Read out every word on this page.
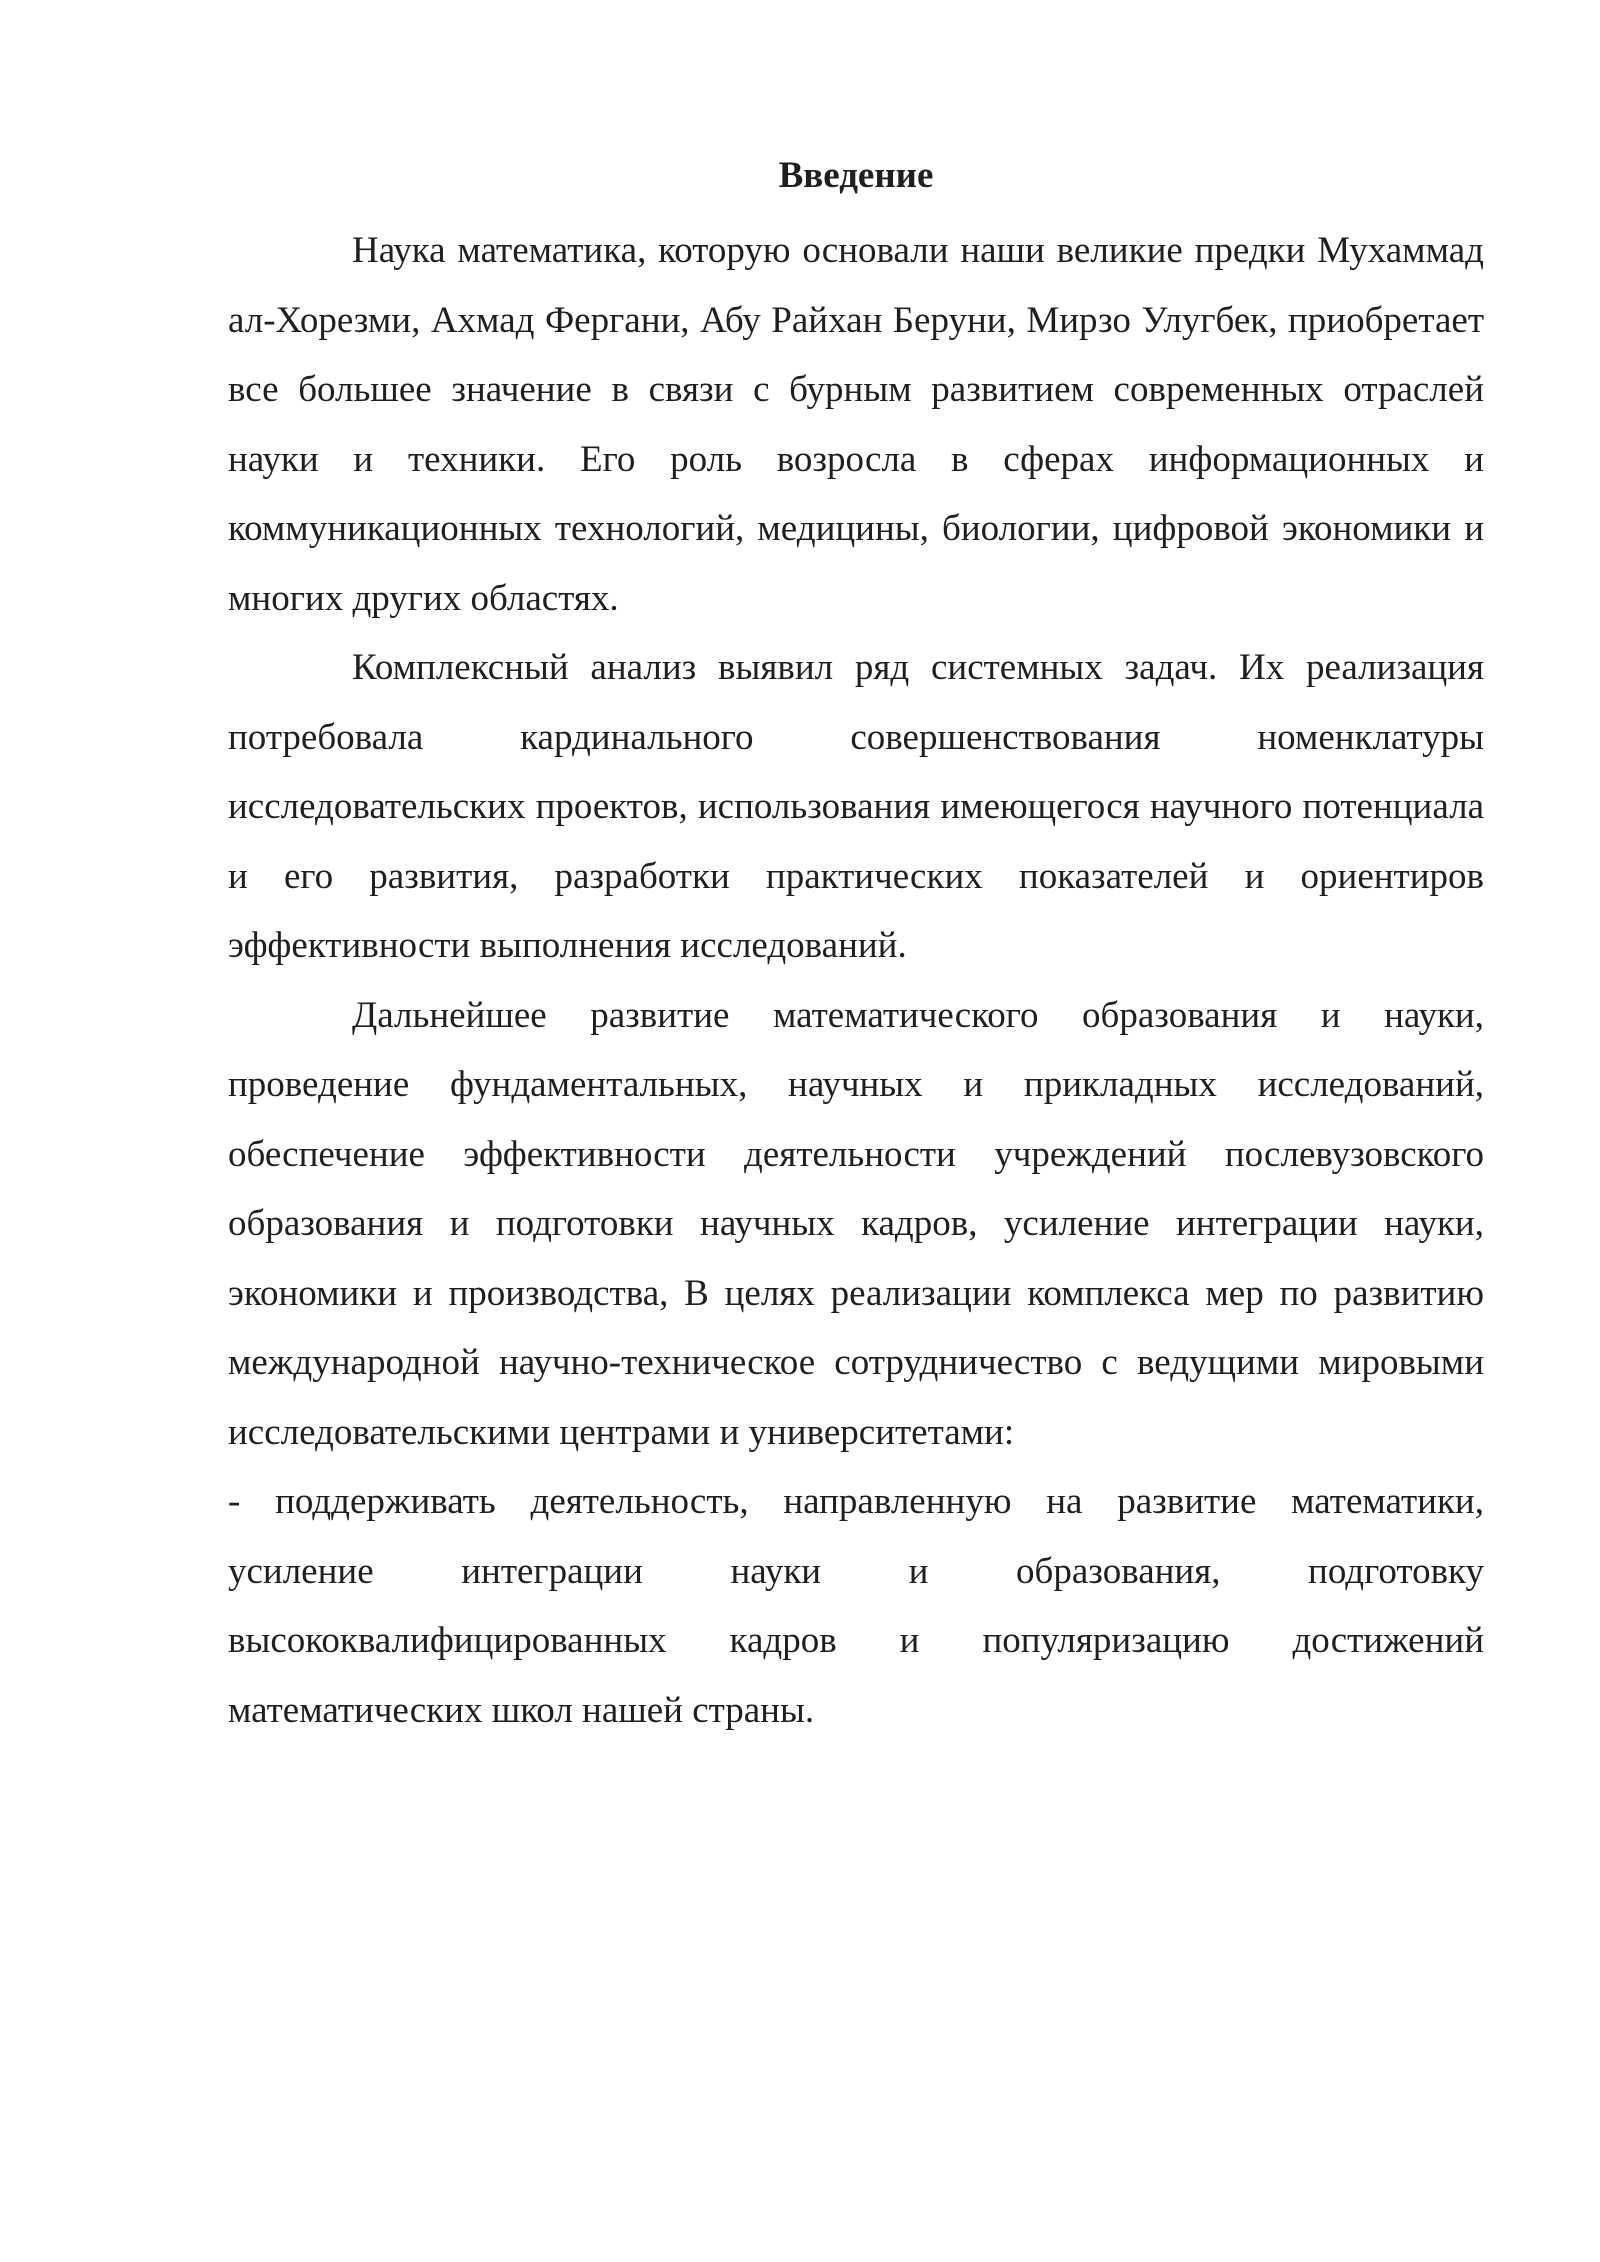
Введение

Наука математика, которую основали наши великие предки Мухаммад ал-Хорезми, Ахмад Фергани, Абу Райхан Беруни, Мирзо Улугбек, приобретает все большее значение в связи с бурным развитием современных отраслей науки и техники. Его роль возросла в сферах информационных и коммуникационных технологий, медицины, биологии, цифровой экономики и многих других областях.

Комплексный анализ выявил ряд системных задач. Их реализация потребовала кардинального совершенствования номенклатуры исследовательских проектов, использования имеющегося научного потенциала и его развития, разработки практических показателей и ориентиров эффективности выполнения исследований.

Дальнейшее развитие математического образования и науки, проведение фундаментальных, научных и прикладных исследований, обеспечение эффективности деятельности учреждений послевузовского образования и подготовки научных кадров, усиление интеграции науки, экономики и производства, В целях реализации комплекса мер по развитию международной научно-техническое сотрудничество с ведущими мировыми исследовательскими центрами и университетами:

- поддерживать деятельность, направленную на развитие математики, усиление интеграции науки и образования, подготовку высококвалифицированных кадров и популяризацию достижений математических школ нашей страны.
